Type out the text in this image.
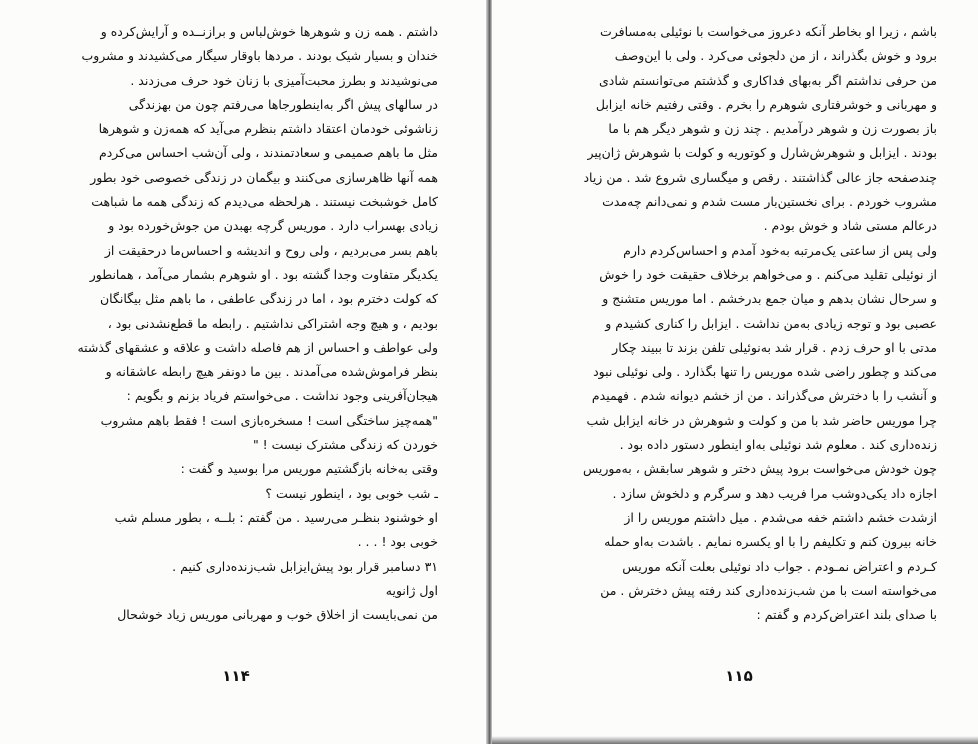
داشتم . همه زن و شوهرها خوش‌لباس و برازنــده و آرایش‌کرده و
خندان و بسیار شیک بودند . مردها باوقار سیگار می‌کشیدند و مشروب
می‌نوشیدند و بطرز محبت‌آمیزی با زنان خود حرف می‌زدند .
در سالهای پیش اگر به‌اینطورجاها می‌رفتم چون من بهزندگی
زناشوئی خودمان اعتقاد داشتم بنظرم می‌آید که همه‌زن و شوهرها
مثل ما باهم صمیمی و سعادتمندند ، ولی آن‌شب احساس می‌کردم
همه آنها ظاهرسازی می‌کنند و بیگمان در زندگی خصوصی خود بطور
کامل خوشبخت نیستند . هرلحظه می‌دیدم که زندگی همه ما شباهت
زیادی بهسراب دارد . موریس گرچه بهبدن من جوش‌خورده بود و
باهم بسر می‌بردیم ، ولی روح و اندیشه و احساس‌ما درحقیقت از
یکدیگر متفاوت وجدا گشته بود . او شوهرم بشمار می‌آمد ، همانطور
که کولت دخترم بود ، اما در زندگی عاطفی ، ما باهم مثل بیگانگان
بودیم ، و هیچ وجه اشتراکی نداشتیم . رابطه ما قطع‌نشدنی بود ،
ولی عواطف و احساس‌ از هم فاصله داشت و علاقه و عشقهای گذشته
بنظر فراموش‌شده می‌آمدند . بین ما دونفر هیچ رابطه عاشقانه و
هیجان‌آفرینی وجود نداشت . می‌خواستم فریاد بزنم و بگویم :
"همه‌چیز ساختگی است ! مسخره‌بازی است ! فقط باهم مشروب
خوردن که زندگی مشترک نیست ! "
وقتی به‌خانه بازگشتیم موریس مرا بوسید و گفت :
ـ شب خوبی بود ، اینطور نیست ؟
او خوشنود بنظـر می‌رسید . من گفتم : بلــه ، بطور مسلم شب
خوبی بود ! . . .
۳۱ دسامبر قرار بود پیش‌ایزابل شب‌زنده‌داری کنیم .
اول ژانویه
من نمی‌بایست از اخلاق خوب و مهربانی موریس زیاد خوشحال
۱۱۴
باشم ، زیرا او بخاطر آنکه دعروز می‌خواست با نوئیلی به‌مسافرت
برود و خوش بگذراند ، از من دلجوئی می‌کرد . ولی با این‌وصف
من حرفی نداشتم اگر به‌بهای فداکاری و گذشتم می‌توانستم شادی
و مهربانی و خوشرفتاری شوهرم را بخرم . وقتی رفتیم خانه ایزابل
باز بصورت زن و شوهر درآمدیم . چند زن و شوهر دیگر هم با ما
بودند . ایزابل و شوهرش‌شارل و کوتوریه و کولت با شوهرش ژان‌پیر
چندصفحه جاز عالی گذاشتند . رقص و میگساری شروع شد . من زیاد
مشروب خوردم . برای نخستین‌بار مست شدم و نمی‌دانم چه‌مدت
درعالم مستی شاد و خوش بودم .
ولی پس از ساعتی یک‌مرتبه به‌خود آمدم و احساس‌کردم دارم
از نوئیلی تقلید می‌کنم . و می‌خواهم برخلاف حقیقت خود را خوش
و سرحال نشان بدهم و میان جمع بدرخشم . اما موریس متشنج و
عصبی بود و توجه زیادی به‌من نداشت . ایزابل را کناری کشیدم و
مدتی با او حرف زدم . قرار شد به‌نوئیلی تلفن بزند تا ببیند چکار
می‌کند و چطور راضی شده موریس را تنها بگذارد . ولی نوئیلی نبود
و آنشب را با دخترش می‌گذراند . من از خشم دیوانه شدم . فهمیدم
چرا موریس حاضر شد با من و کولت و شوهرش در خانه ایزابل شب
زنده‌داری کند . معلوم شد نوئیلی به‌او اینطور دستور داده بود .
چون خودش می‌خواست برود پیش دختر و شوهر سابقش ، به‌موریس
اجازه داد یکی‌دوشب مرا فریب دهد و سرگرم و دلخوش سازد .
ازشدت خشم داشتم خفه می‌شدم . میل داشتم موریس را از
خانه بیرون کنم و تکلیفم را با او یکسره نمایم . باشدت به‌او حمله
کـردم و اعتراض نمـودم . جواب داد نوئیلی بعلت آنکه موریس
می‌خواسته است با من شب‌زنده‌داری کند رفته پیش دخترش . من
با صدای بلند اعتراض‌کردم و گفتم :
۱۱۵
